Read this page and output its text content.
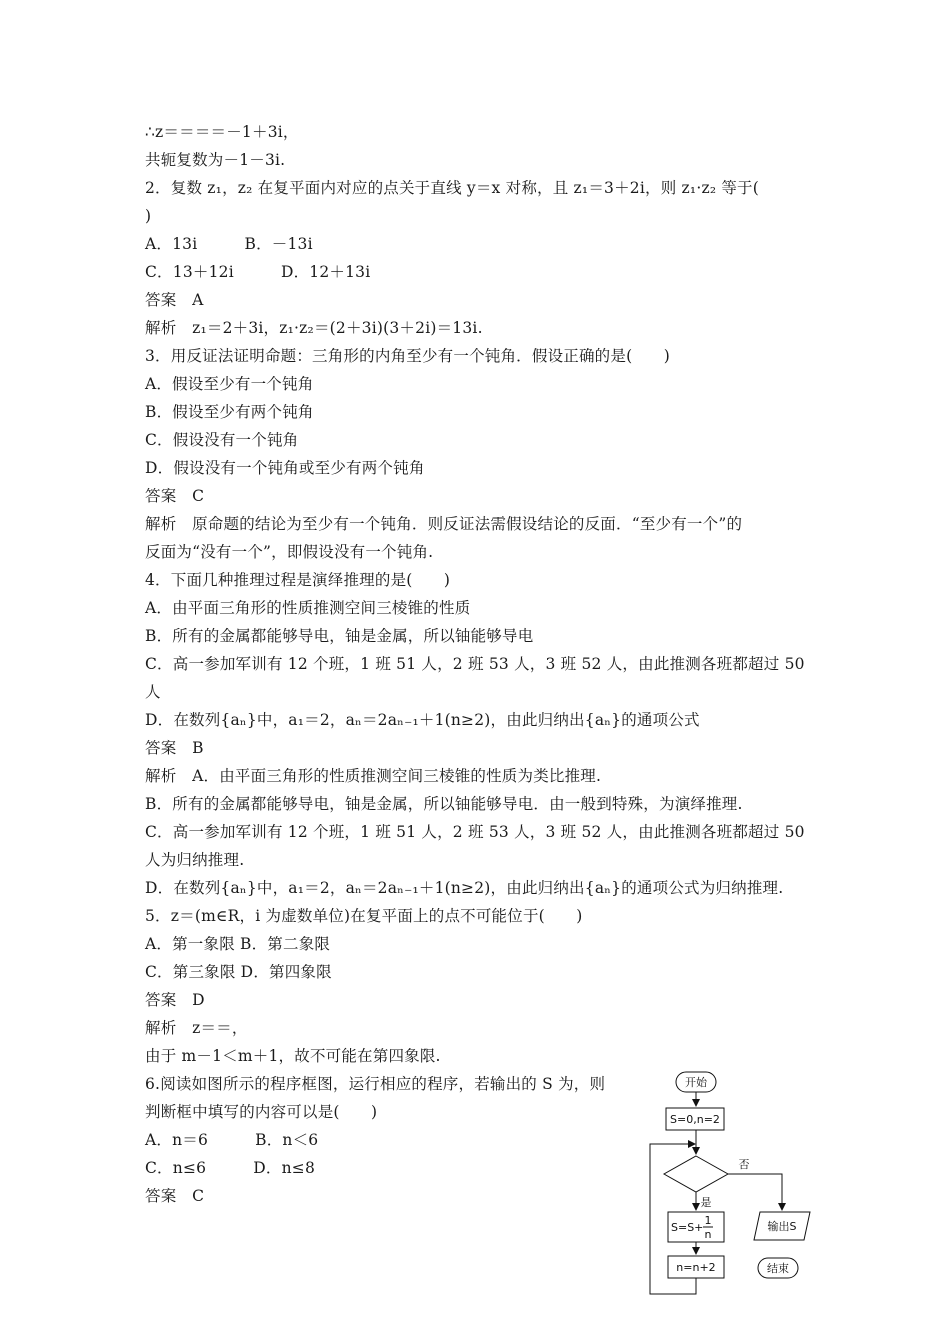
∴z＝＝＝＝－1＋3i，
共轭复数为－1－3i.
2．复数 z₁，z₂ 在复平面内对应的点关于直线 y＝x 对称，且 z₁＝3＋2i，则 z₁·z₂ 等于(
)
A．13i　　　B．－13i
C．13＋12i　　　D．12＋13i
答案　A
解析　z₁＝2＋3i，z₁·z₂＝(2＋3i)(3＋2i)＝13i.
3．用反证法证明命题：三角形的内角至少有一个钝角．假设正确的是(　　)
A．假设至少有一个钝角
B．假设至少有两个钝角
C．假设没有一个钝角
D．假设没有一个钝角或至少有两个钝角
答案　C
解析　原命题的结论为至少有一个钝角．则反证法需假设结论的反面．“至少有一个”的
反面为“没有一个”，即假设没有一个钝角.
4．下面几种推理过程是演绎推理的是(　　)
A．由平面三角形的性质推测空间三棱锥的性质
B．所有的金属都能够导电，铀是金属，所以铀能够导电
C．高一参加军训有 12 个班，1 班 51 人，2 班 53 人，3 班 52 人，由此推测各班都超过 50
人
D．在数列{aₙ}中，a₁＝2，aₙ＝2aₙ₋₁＋1(n≥2)，由此归纳出{aₙ}的通项公式
答案　B
解析　A．由平面三角形的性质推测空间三棱锥的性质为类比推理.
B．所有的金属都能够导电，铀是金属，所以铀能够导电．由一般到特殊，为演绎推理.
C．高一参加军训有 12 个班，1 班 51 人，2 班 53 人，3 班 52 人，由此推测各班都超过 50
人为归纳推理.
D．在数列{aₙ}中，a₁＝2，aₙ＝2aₙ₋₁＋1(n≥2)，由此归纳出{aₙ}的通项公式为归纳推理.
5．z＝(m∈R，i 为虚数单位)在复平面上的点不可能位于(　　)
A．第一象限 B．第二象限
C．第三象限 D．第四象限
答案　D
解析　z＝＝，
由于 m－1＜m＋1，故不可能在第四象限.
6.阅读如图所示的程序框图，运行相应的程序，若输出的 S 为，则
判断框中填写的内容可以是(　　)
A．n＝6　　　B．n＜6
C．n≤6　　　D．n≤8
答案　C
开始
S=0,n=2
否
是
S=S+
1
n
n=n+2
输出S
结束
